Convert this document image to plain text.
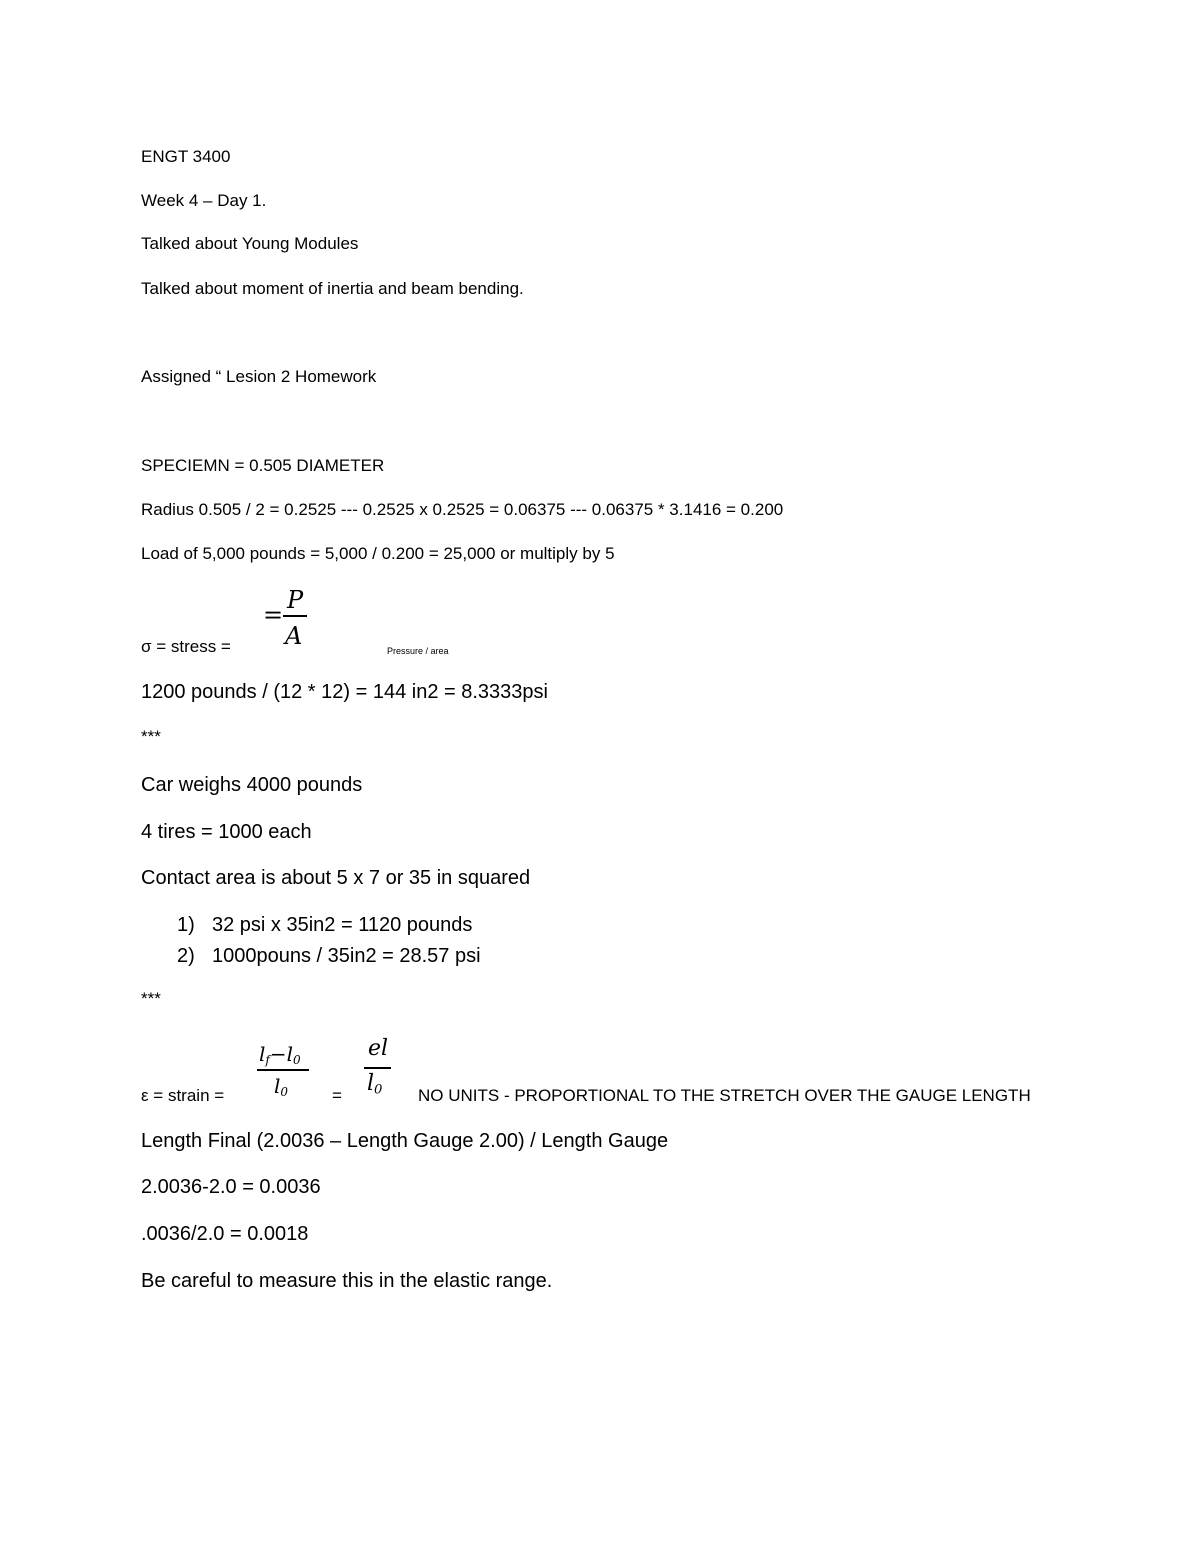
ENGT 3400
Week 4 – Day 1.
Talked about Young Modules
Talked about moment of inertia and beam bending.
Assigned “ Lesion 2 Homework
SPECIEMN = 0.505 DIAMETER
Radius 0.505 / 2 = 0.2525 --- 0.2525 x 0.2525 = 0.06375 --- 0.06375 * 3.1416 = 0.200
Load of 5,000 pounds = 5,000 / 0.200 = 25,000 or multiply by 5
σ = stress =
=
P
A
Pressure / area
1200 pounds / (12 * 12) = 144 in2 = 8.3333psi
***
Car weighs 4000 pounds
4 tires = 1000 each
Contact area is about 5 x 7 or 35 in squared
1) 32 psi x 35in2 = 1120 pounds
2) 1000pouns / 35in2 = 28.57 psi
***
ε = strain =
$l_f-l_0$
$l_0$	=
el
$l_0$ NO UNITS - PROPORTIONAL TO THE STRETCH OVER THE GAUGE LENGTH
Length Final (2.0036 – Length Gauge 2.00) / Length Gauge
2.0036-2.0 = 0.0036
.0036/2.0 = 0.0018
Be careful to measure this in the elastic range.
